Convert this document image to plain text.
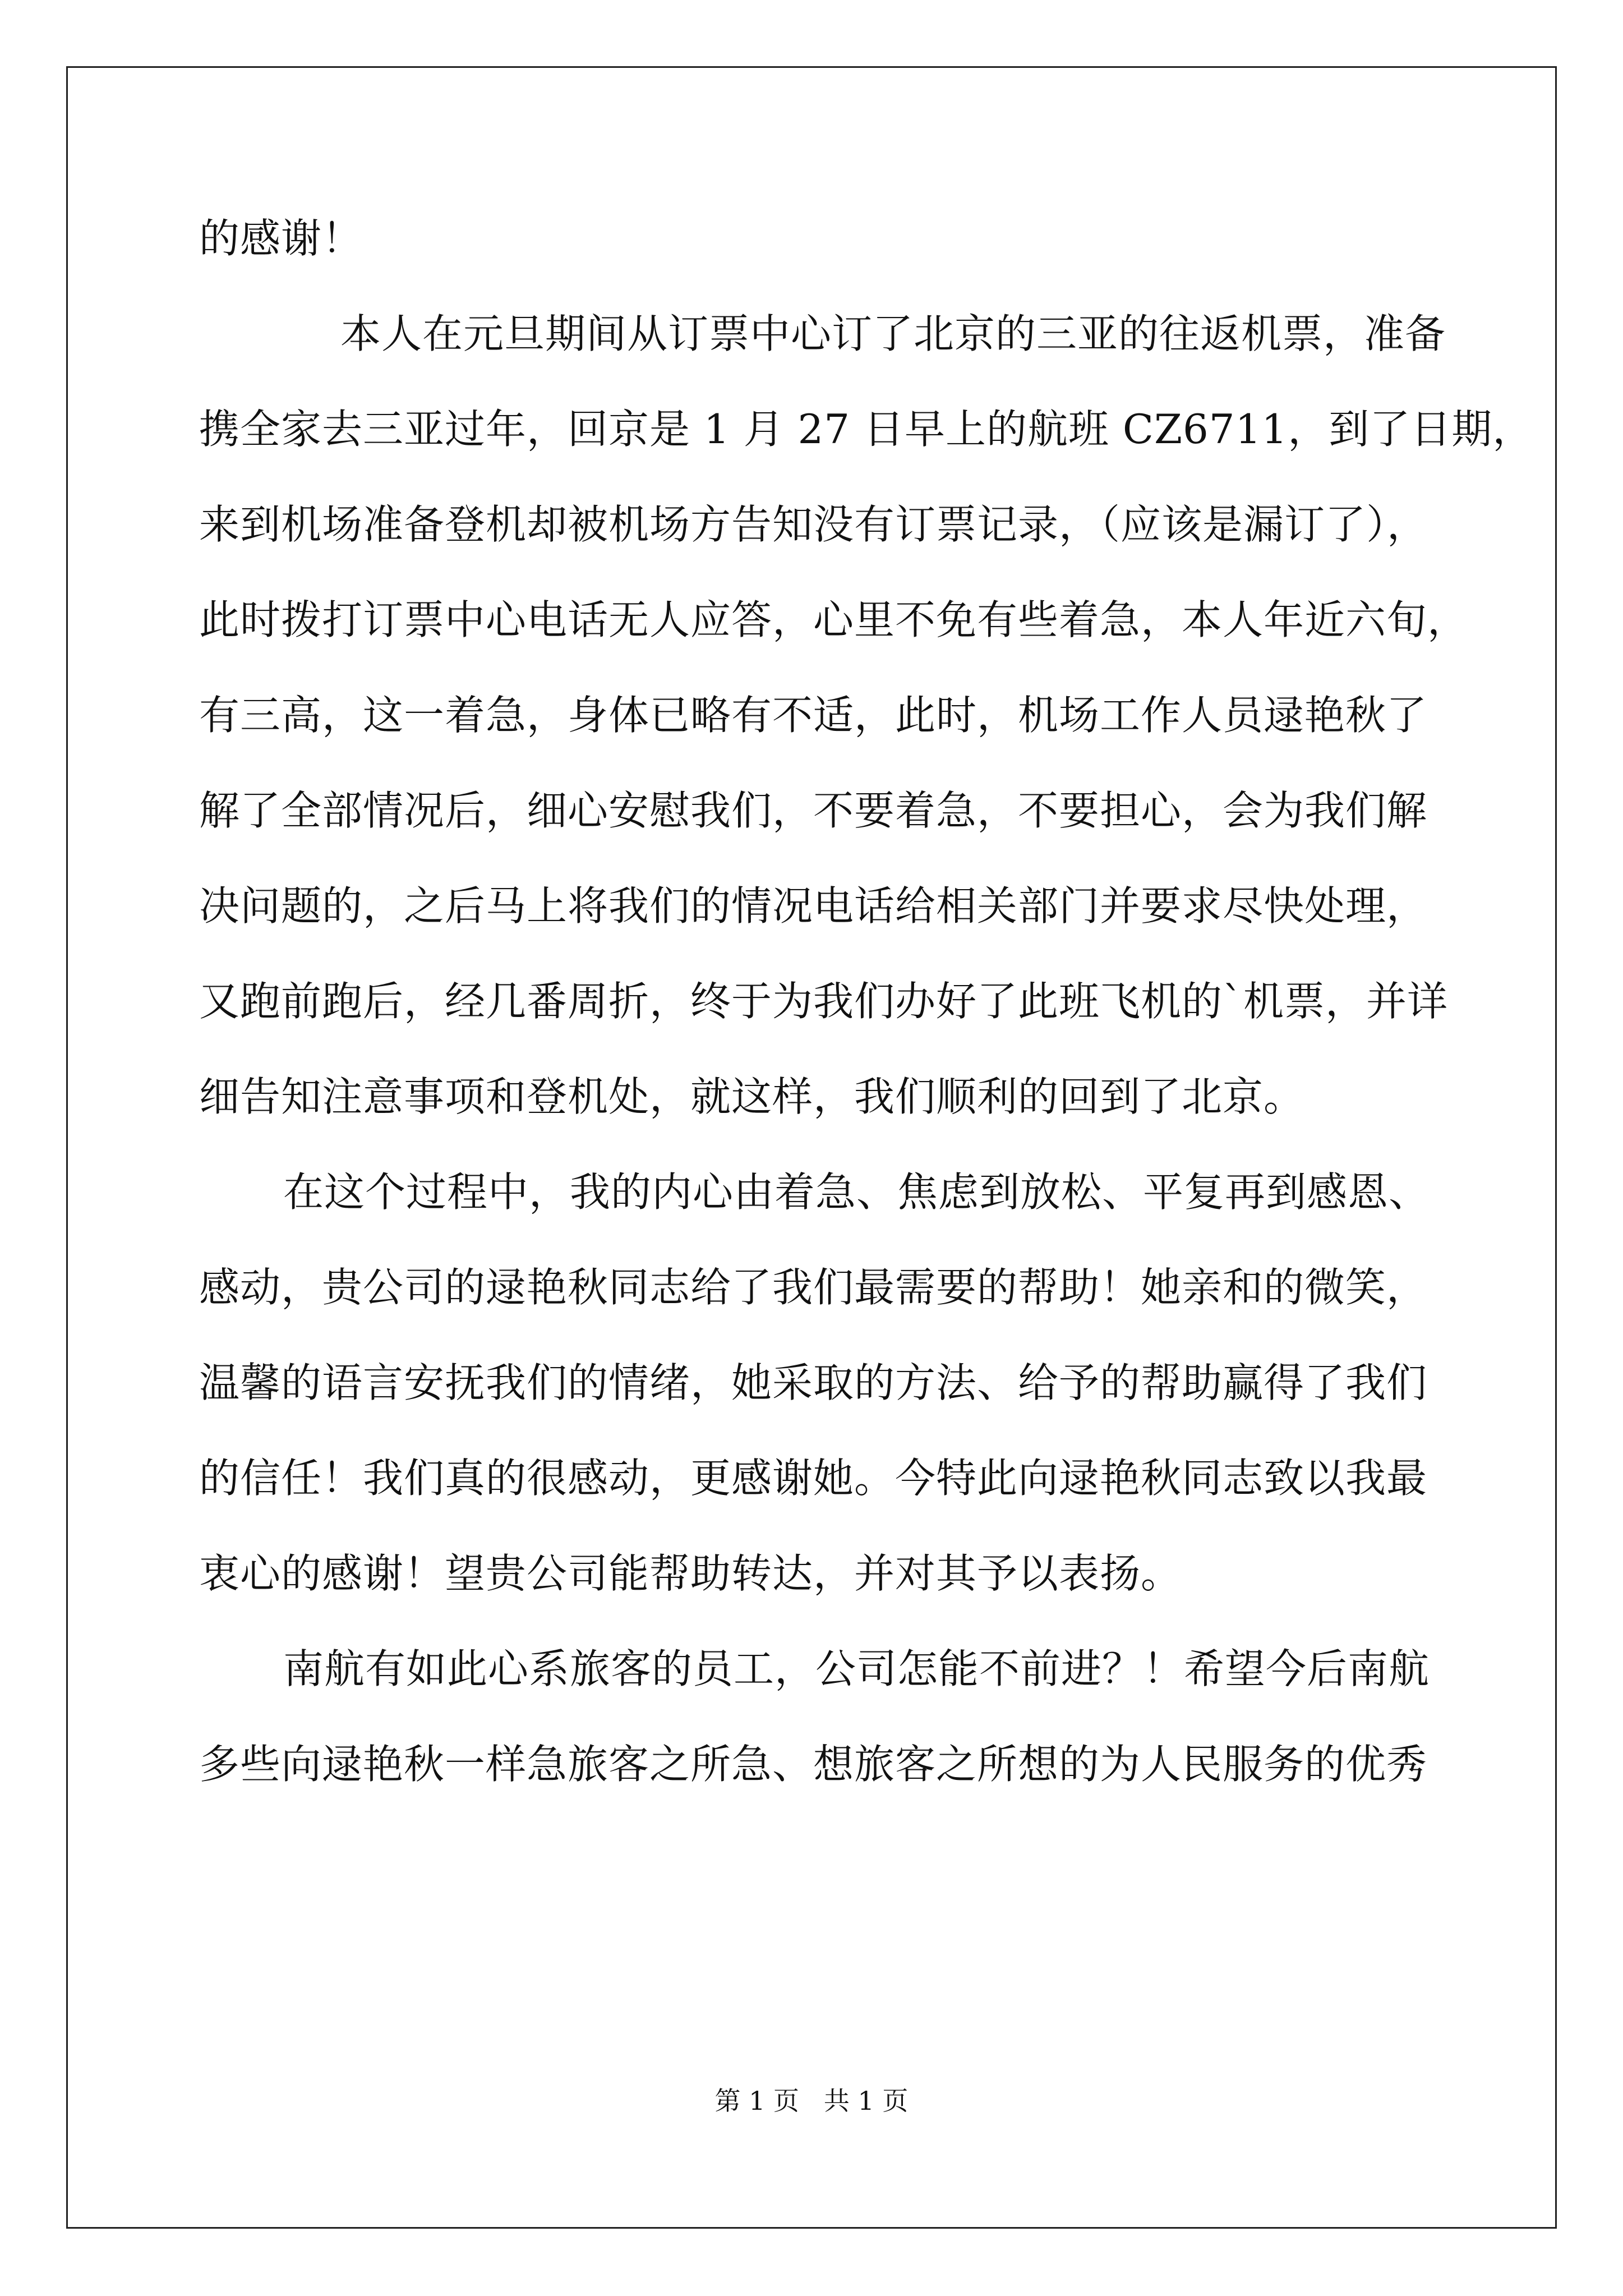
的感谢！
本人在元旦期间从订票中心订了北京的三亚的往返机票，准备
携全家去三亚过年，回京是 1 月 27 日早上的航班 CZ6711，到了日期，
来到机场准备登机却被机场方告知没有订票记录，（应该是漏订了），
此时拨打订票中心电话无人应答，心里不免有些着急，本人年近六旬，
有三高，这一着急，身体已略有不适，此时，机场工作人员逯艳秋了
解了全部情况后，细心安慰我们，不要着急，不要担心，会为我们解
决问题的，之后马上将我们的情况电话给相关部门并要求尽快处理，
又跑前跑后，经几番周折，终于为我们办好了此班飞机的`机票，并详
细告知注意事项和登机处，就这样，我们顺利的回到了北京。
在这个过程中，我的内心由着急、焦虑到放松、平复再到感恩、
感动，贵公司的逯艳秋同志给了我们最需要的帮助！她亲和的微笑，
温馨的语言安抚我们的情绪，她采取的方法、给予的帮助赢得了我们
的信任！我们真的很感动，更感谢她。今特此向逯艳秋同志致以我最
衷心的感谢！望贵公司能帮助转达，并对其予以表扬。
南航有如此心系旅客的员工，公司怎能不前进？！希望今后南航
多些向逯艳秋一样急旅客之所急、想旅客之所想的为人民服务的优秀
第 1 页   共 1 页
